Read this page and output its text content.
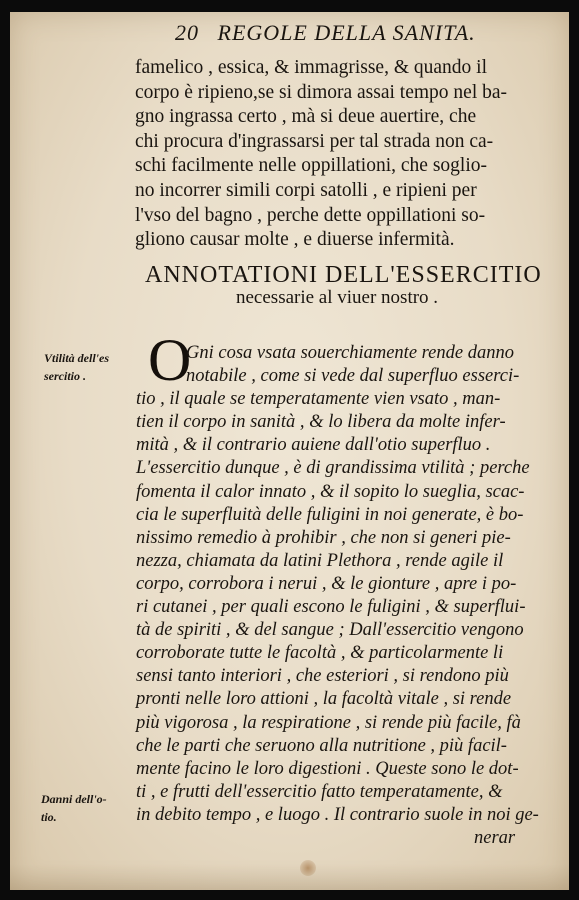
20 REGOLE DELLA SANITA.
famelico , essica, & immagrisse, & quando il
corpo è ripieno,se si dimora assai tempo nel ba-
gno ingrassa certo , mà si deue auertire, che
chi procura d'ingrassarsi per tal strada non ca-
schi facilmente nelle oppillationi, che soglio-
no incorrer simili corpi satolli , e ripieni per
l'vso del bagno , perche dette oppillationi so-
gliono causar molte , e diuerse infermità.
ANNOTATIONI DELL'ESSERCITIO
necessarie al viuer nostro .
O
Gni cosa vsata souerchiamente rende danno
notabile , come si vede dal superfluo esserci-
tio , il quale se temperatamente vien vsato , man-
tien il corpo in sanità , & lo libera da molte infer-
mità , & il contrario auiene dall'otio superfluo .
L'essercitio dunque , è di grandissima vtilità ; perche
fomenta il calor innato , & il sopito lo sueglia, scac-
cia le superfluità delle fuligini in noi generate, è bo-
nissimo remedio à prohibir , che non si generi pie-
nezza, chiamata da latini Plethora , rende agile il
corpo, corrobora i nerui , & le gionture , apre i po-
ri cutanei , per quali escono le fuligini , & superflui-
tà de spiriti , & del sangue ; Dall'essercitio vengono
corroborate tutte le facoltà , & particolarmente li
sensi tanto interiori , che esteriori , si rendono più
pronti nelle loro attioni , la facoltà vitale , si rende
più vigorosa , la respiratione , si rende più facile, fà
che le parti che seruono alla nutritione , più facil-
mente facino le loro digestioni . Queste sono le dot-
ti , e frutti dell'essercitio fatto temperatamente, &
in debito tempo , e luogo . Il contrario suole in noi ge-
nerar
Vtilità dell'es
sercitio .
Danni dell'o-
tio.
